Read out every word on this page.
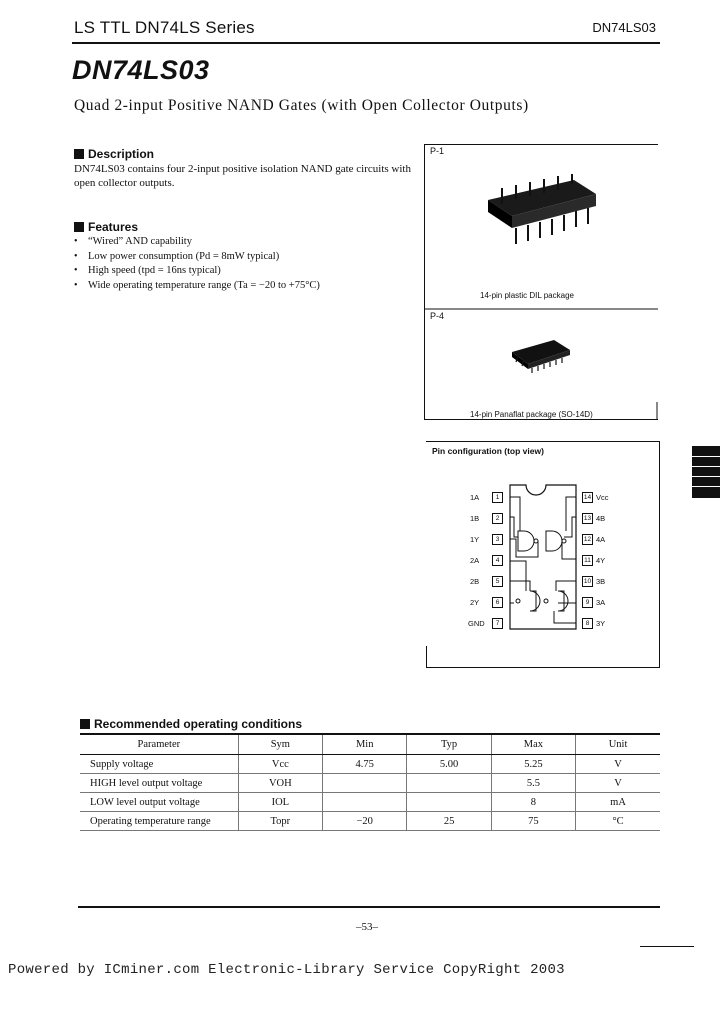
LS TTL DN74LS Series	DN74LS03
DN74LS03
Quad 2-input Positive NAND Gates (with Open Collector Outputs)
Description
DN74LS03 contains four 2-input positive isolation NAND gate circuits with open collector outputs.
Features
• “Wired” AND capability
• Low power consumption (Pd = 8mW typical)
• High speed (tpd = 16ns typical)
• Wide operating temperature range (Ta = −20 to +75°C)
P-1
14-pin plastic DIL package
P-4
14-pin Panaflat package (SO-14D)
Pin configuration (top view)
1A	1
1B	2
1Y	3
2A	4
2B	5
2Y	6
GND	7
14 Vcc
13 4B
12 4A
11 4Y
10 3B
9 3A
8 3Y
Recommended operating conditions
Parameter	Sym	Min	Typ	Max	Unit
Supply voltage	Vcc	4.75	5.00	5.25	V
HIGH level output voltage	VOH			5.5	V
LOW level output voltage	IOL			8	mA
Operating temperature range	Topr	−20	25	75	°C
–53–
Powered by ICminer.com Electronic-Library Service CopyRight 2003
